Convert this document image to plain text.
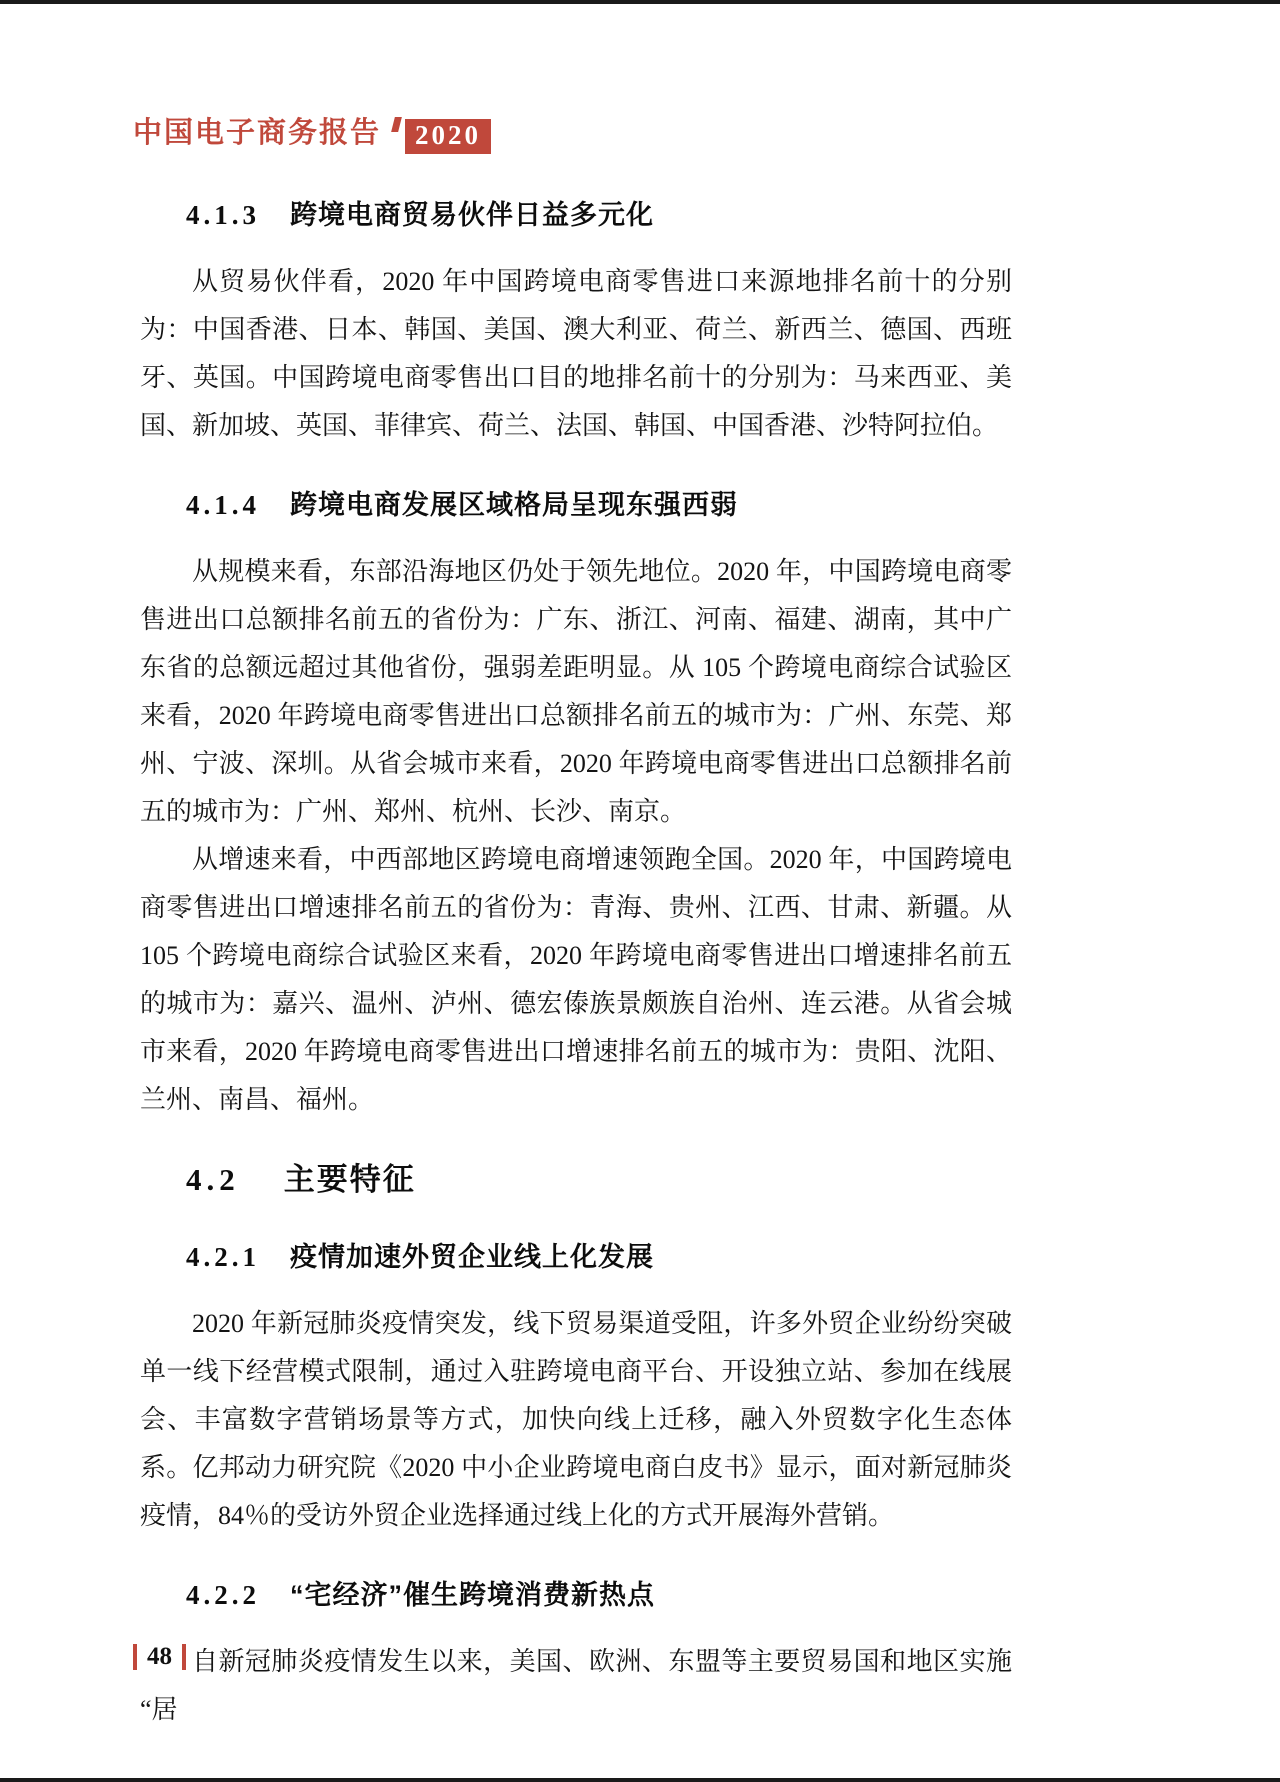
中国电子商务报告 2020
4.1.3 跨境电商贸易伙伴日益多元化

从贸易伙伴看，2020 年中国跨境电商零售进口来源地排名前十的分别为：中国香港、日本、韩国、美国、澳大利亚、荷兰、新西兰、德国、西班牙、英国。中国跨境电商零售出口目的地排名前十的分别为：马来西亚、美国、新加坡、英国、菲律宾、荷兰、法国、韩国、中国香港、沙特阿拉伯。

4.1.4 跨境电商发展区域格局呈现东强西弱

从规模来看，东部沿海地区仍处于领先地位。2020 年，中国跨境电商零售进出口总额排名前五的省份为：广东、浙江、河南、福建、湖南，其中广东省的总额远超过其他省份，强弱差距明显。从 105 个跨境电商综合试验区来看，2020 年跨境电商零售进出口总额排名前五的城市为：广州、东莞、郑州、宁波、深圳。从省会城市来看，2020 年跨境电商零售进出口总额排名前五的城市为：广州、郑州、杭州、长沙、南京。

从增速来看，中西部地区跨境电商增速领跑全国。2020 年，中国跨境电商零售进出口增速排名前五的省份为：青海、贵州、江西、甘肃、新疆。从 105 个跨境电商综合试验区来看，2020 年跨境电商零售进出口增速排名前五的城市为：嘉兴、温州、泸州、德宏傣族景颇族自治州、连云港。从省会城市来看，2020 年跨境电商零售进出口增速排名前五的城市为：贵阳、沈阳、兰州、南昌、福州。

4.2 主要特征
4.2.1 疫情加速外贸企业线上化发展

2020 年新冠肺炎疫情突发，线下贸易渠道受阻，许多外贸企业纷纷突破单一线下经营模式限制，通过入驻跨境电商平台、开设独立站、参加在线展会、丰富数字营销场景等方式，加快向线上迁移，融入外贸数字化生态体系。亿邦动力研究院《2020 中小企业跨境电商白皮书》显示，面对新冠肺炎疫情，84％的受访外贸企业选择通过线上化的方式开展海外营销。

4.2.2 “宅经济”催生跨境消费新热点

自新冠肺炎疫情发生以来，美国、欧洲、东盟等主要贸易国和地区实施“居

48
